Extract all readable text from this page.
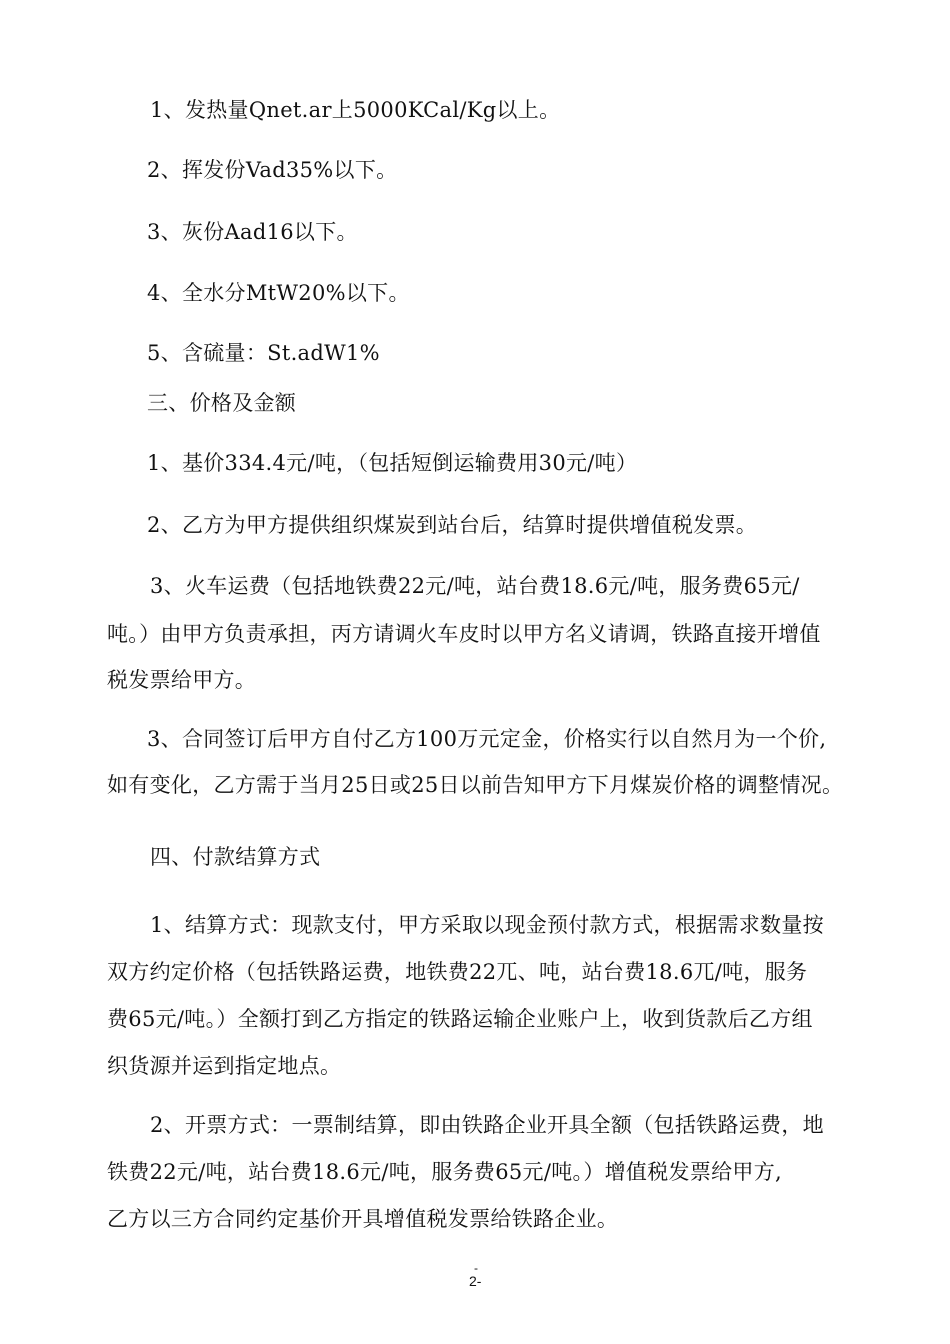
1、发热量Qnet.ar上5000KCal/Kg以上。

2、挥发份Vad35%以下。

3、灰份Aad16以下。

4、全水分MtW20%以下。

5、含硫量：St.adW1%

三、价格及金额

1、基价334.4元/吨，（包括短倒运输费用30元/吨）

2、乙方为甲方提供组织煤炭到站台后，结算时提供增值税发票。

3、火车运费（包括地铁费22元/吨，站台费18.6元/吨，服务费65元/

吨。）由甲方负责承担，丙方请调火车皮时以甲方名义请调，铁路直接开增值

税发票给甲方。

3、合同签订后甲方自付乙方100万元定金，价格实行以自然月为一个价,

如有变化，乙方需于当月25日或25日以前告知甲方下月煤炭价格的调整情况。

四、付款结算方式

1、结算方式：现款支付，甲方采取以现金预付款方式，根据需求数量按

双方约定价格（包括铁路运费，地铁费22兀、吨，站台费18.6兀/吨，服务

费65元/吨。）全额打到乙方指定的铁路运输企业账户上，收到货款后乙方组

织货源并运到指定地点。

2、开票方式：一票制结算，即由铁路企业开具全额（包括铁路运费，地

铁费22元/吨，站台费18.6元/吨，服务费65元/吨。）增值税发票给甲方,

乙方以三方合同约定基价开具增值税发票给铁路企业。

-
2-
